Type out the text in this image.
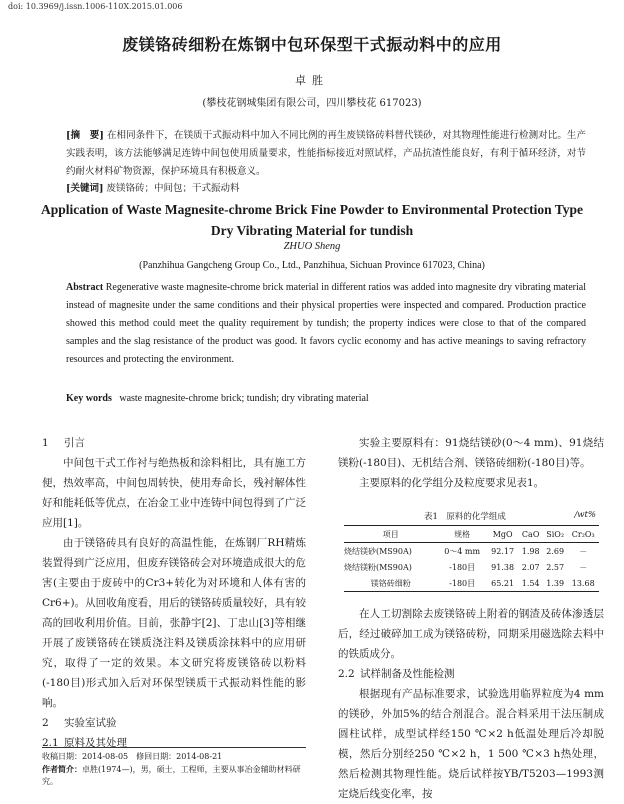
doi: 10.3969/j.issn.1006-110X.2015.01.006
废镁铬砖细粉在炼钢中包环保型干式振动料中的应用
卓胜
(攀枝花钢城集团有限公司，四川攀枝花 617023)
[摘　要] 在相同条件下，在镁质干式振动料中加入不同比例的再生废镁铬砖料替代镁砂，对其物理性能进行检测对比。生产实践表明，该方法能够满足连铸中间包使用质量要求，性能指标接近对照试样，产品抗渣性能良好，有利于循环经济，对节约耐火材料矿物资源，保护环境具有积极意义。
[关键词] 废镁铬砖；中间包；干式振动料
Application of Waste Magnesite-chrome Brick Fine Powder to Environmental Protection Type Dry Vibrating Material for tundish
ZHUO Sheng
(Panzhihua Gangcheng Group Co., Ltd., Panzhihua, Sichuan Province 617023, China)
Abstract Regenerative waste magnesite-chrome brick material in different ratios was added into magnesite dry vibrating material instead of magnesite under the same conditions and their physical properties were inspected and compared. Production practice showed this method could meet the quality requirement by tundish; the property indices were close to that of the compared samples and the slag resistance of the product was good. It favors cyclic economy and has active meanings to saving refractory resources and protecting the environment.
Key words waste magnesite-chrome brick; tundish; dry vibrating material
1 引言

中间包干式工作衬与绝热板和涂料相比，具有施工方便，热效率高，中间包周转快，使用寿命长，残衬解体性好和能耗低等优点，在冶金工业中连铸中间包得到了广泛应用[1]。

由于镁铬砖具有良好的高温性能，在炼钢厂RH精炼装置得到广泛应用，但废弃镁铬砖会对环境造成很大的危害(主要由于废砖中的Cr3+转化为对环境和人体有害的Cr6+)。从回收角度看，用后的镁铬砖质量较好，具有较高的回收利用价值。目前，张静宇[2]、丁忠山[3]等相继开展了废镁铬砖在镁质浇注料及镁质涂抹料中的应用研究，取得了一定的效果。本文研究将废镁铬砖以粉料(-180目)形式加入后对环保型镁质干式振动料性能的影响。

2 实验室试验
2.1 原料及其处理
收稿日期：2014-08-05　修回日期：2014-08-21
作者简介：卓胜(1974—)，男，硕士，工程师，主要从事冶金辅助材料研究。

实验主要原料有：91烧结镁砂(0～4 mm)、91烧结镁粉(-180目)、无机结合剂、镁铬砖细粉(-180目)等。

主要原料的化学组分及粒度要求见表1。

表1　原料的化学组成	/wt%
项目	规格	MgO	CaO	SiO₂	Cr₂O₃
烧结镁砂(MS90A)	0～4 mm	92.17	1.98	2.69	－
烧结镁粉(MS90A)	-180目	91.38	2.07	2.57	－
镁铬砖细粉	-180目	65.21	1.54	1.39	13.68

在人工切割除去废镁铬砖上附着的钢渣及砖体渗透层后，经过破碎加工成为镁铬砖粉，同期采用磁选除去料中的铁质成分。

2.2 试样制备及性能检测

根据现有产品标准要求，试验选用临界粒度为4 mm的镁砂，外加5%的结合剂混合。混合料采用干法压制成圆柱试样，成型试样经150 ℃×2 h低温处理后冷却脱模，然后分别经250 ℃×2 h，1 500 ℃×3 h热处理，然后检测其物理性能。烧后试样按YB/T5203—1993测定烧后线变化率，按
